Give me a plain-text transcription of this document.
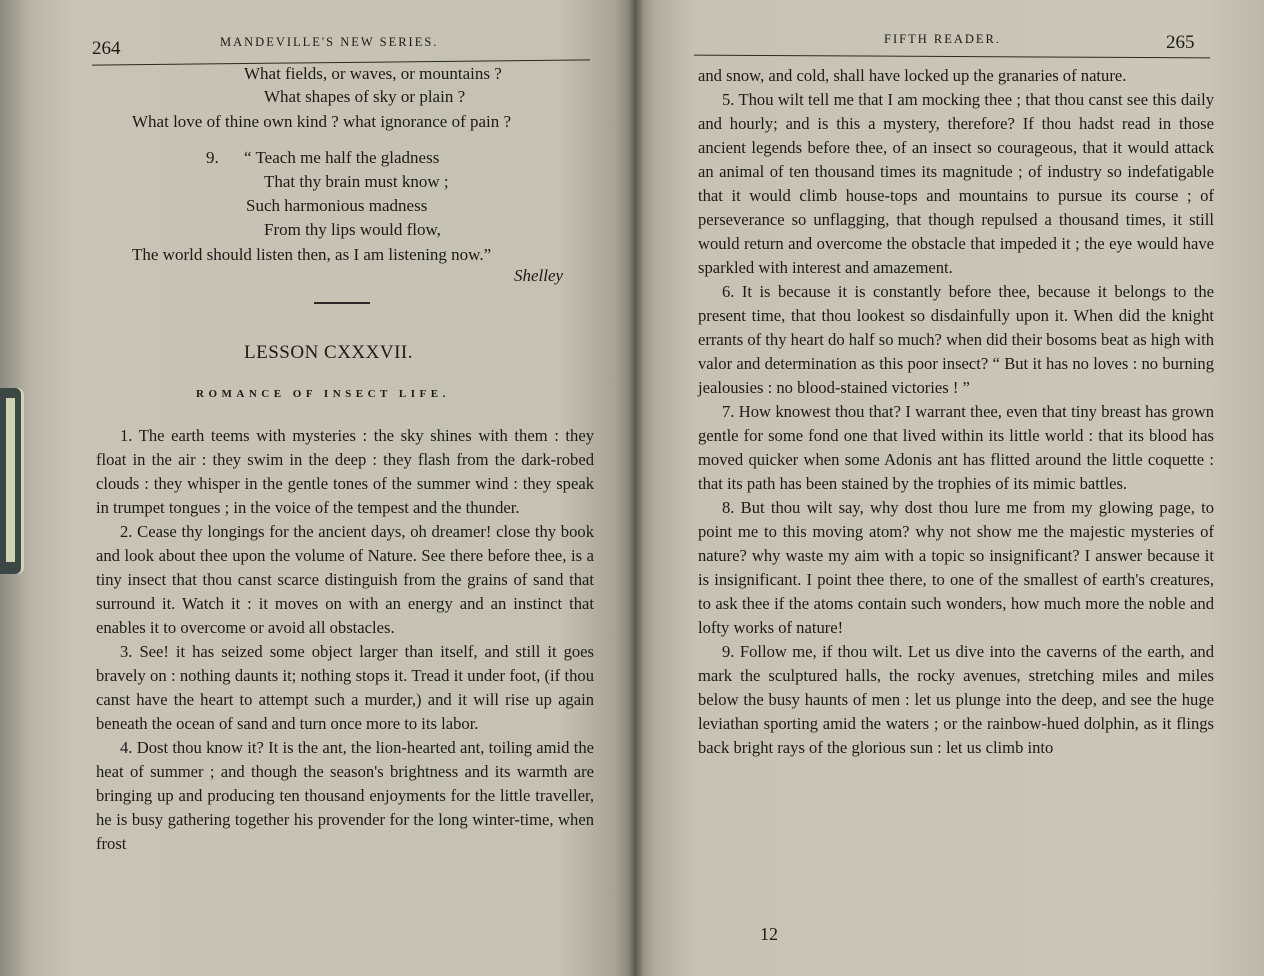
264	MANDEVILLE'S NEW SERIES.
What fields, or waves, or mountains ?
What shapes of sky or plain ?
What love of thine own kind ? what ignorance of pain ?
9. “ Teach me half the gladness
That thy brain must know ;
Such harmonious madness
From thy lips would flow,
The world should listen then, as I am listening now.”
Shelley
LESSON CXXXVII.
ROMANCE OF INSECT LIFE.

1. The earth teems with mysteries : the sky shines with them : they float in the air : they swim in the deep : they flash from the dark-robed clouds : they whisper in the gentle tones of the summer wind : they speak in trumpet tongues ; in the voice of the tempest and the thunder.

2. Cease thy longings for the ancient days, oh dreamer! close thy book and look about thee upon the volume of Nature. See there before thee, is a tiny insect that thou canst scarce distinguish from the grains of sand that surround it. Watch it : it moves on with an energy and an instinct that enables it to overcome or avoid all obstacles.

3. See! it has seized some object larger than itself, and still it goes bravely on : nothing daunts it; nothing stops it. Tread it under foot, (if thou canst have the heart to attempt such a murder,) and it will rise up again beneath the ocean of sand and turn once more to its labor.

4. Dost thou know it? It is the ant, the lion-hearted ant, toiling amid the heat of summer ; and though the season's brightness and its warmth are bringing up and producing ten thousand enjoyments for the little traveller, he is busy gathering together his provender for the long winter-time, when frost

FIFTH READER.	265

and snow, and cold, shall have locked up the granaries of nature.

5. Thou wilt tell me that I am mocking thee ; that thou canst see this daily and hourly; and is this a mystery, therefore? If thou hadst read in those ancient legends before thee, of an insect so courageous, that it would attack an animal of ten thousand times its magnitude ; of industry so indefatigable that it would climb house-tops and mountains to pursue its course ; of perseverance so unflagging, that though repulsed a thousand times, it still would return and overcome the obstacle that impeded it ; the eye would have sparkled with interest and amazement.

6. It is because it is constantly before thee, because it belongs to the present time, that thou lookest so disdainfully upon it. When did the knight errants of thy heart do half so much? when did their bosoms beat as high with valor and determination as this poor insect? “ But it has no loves : no burning jealousies : no blood-stained victories ! ”

7. How knowest thou that? I warrant thee, even that tiny breast has grown gentle for some fond one that lived within its little world : that its blood has moved quicker when some Adonis ant has flitted around the little coquette : that its path has been stained by the trophies of its mimic battles.

8. But thou wilt say, why dost thou lure me from my glowing page, to point me to this moving atom? why not show me the majestic mysteries of nature? why waste my aim with a topic so insignificant? I answer because it is insignificant. I point thee there, to one of the smallest of earth's creatures, to ask thee if the atoms contain such wonders, how much more the noble and lofty works of nature!

9. Follow me, if thou wilt. Let us dive into the caverns of the earth, and mark the sculptured halls, the rocky avenues, stretching miles and miles below the busy haunts of men : let us plunge into the deep, and see the huge leviathan sporting amid the waters ; or the rainbow-hued dolphin, as it flings back bright rays of the glorious sun : let us climb into

12
